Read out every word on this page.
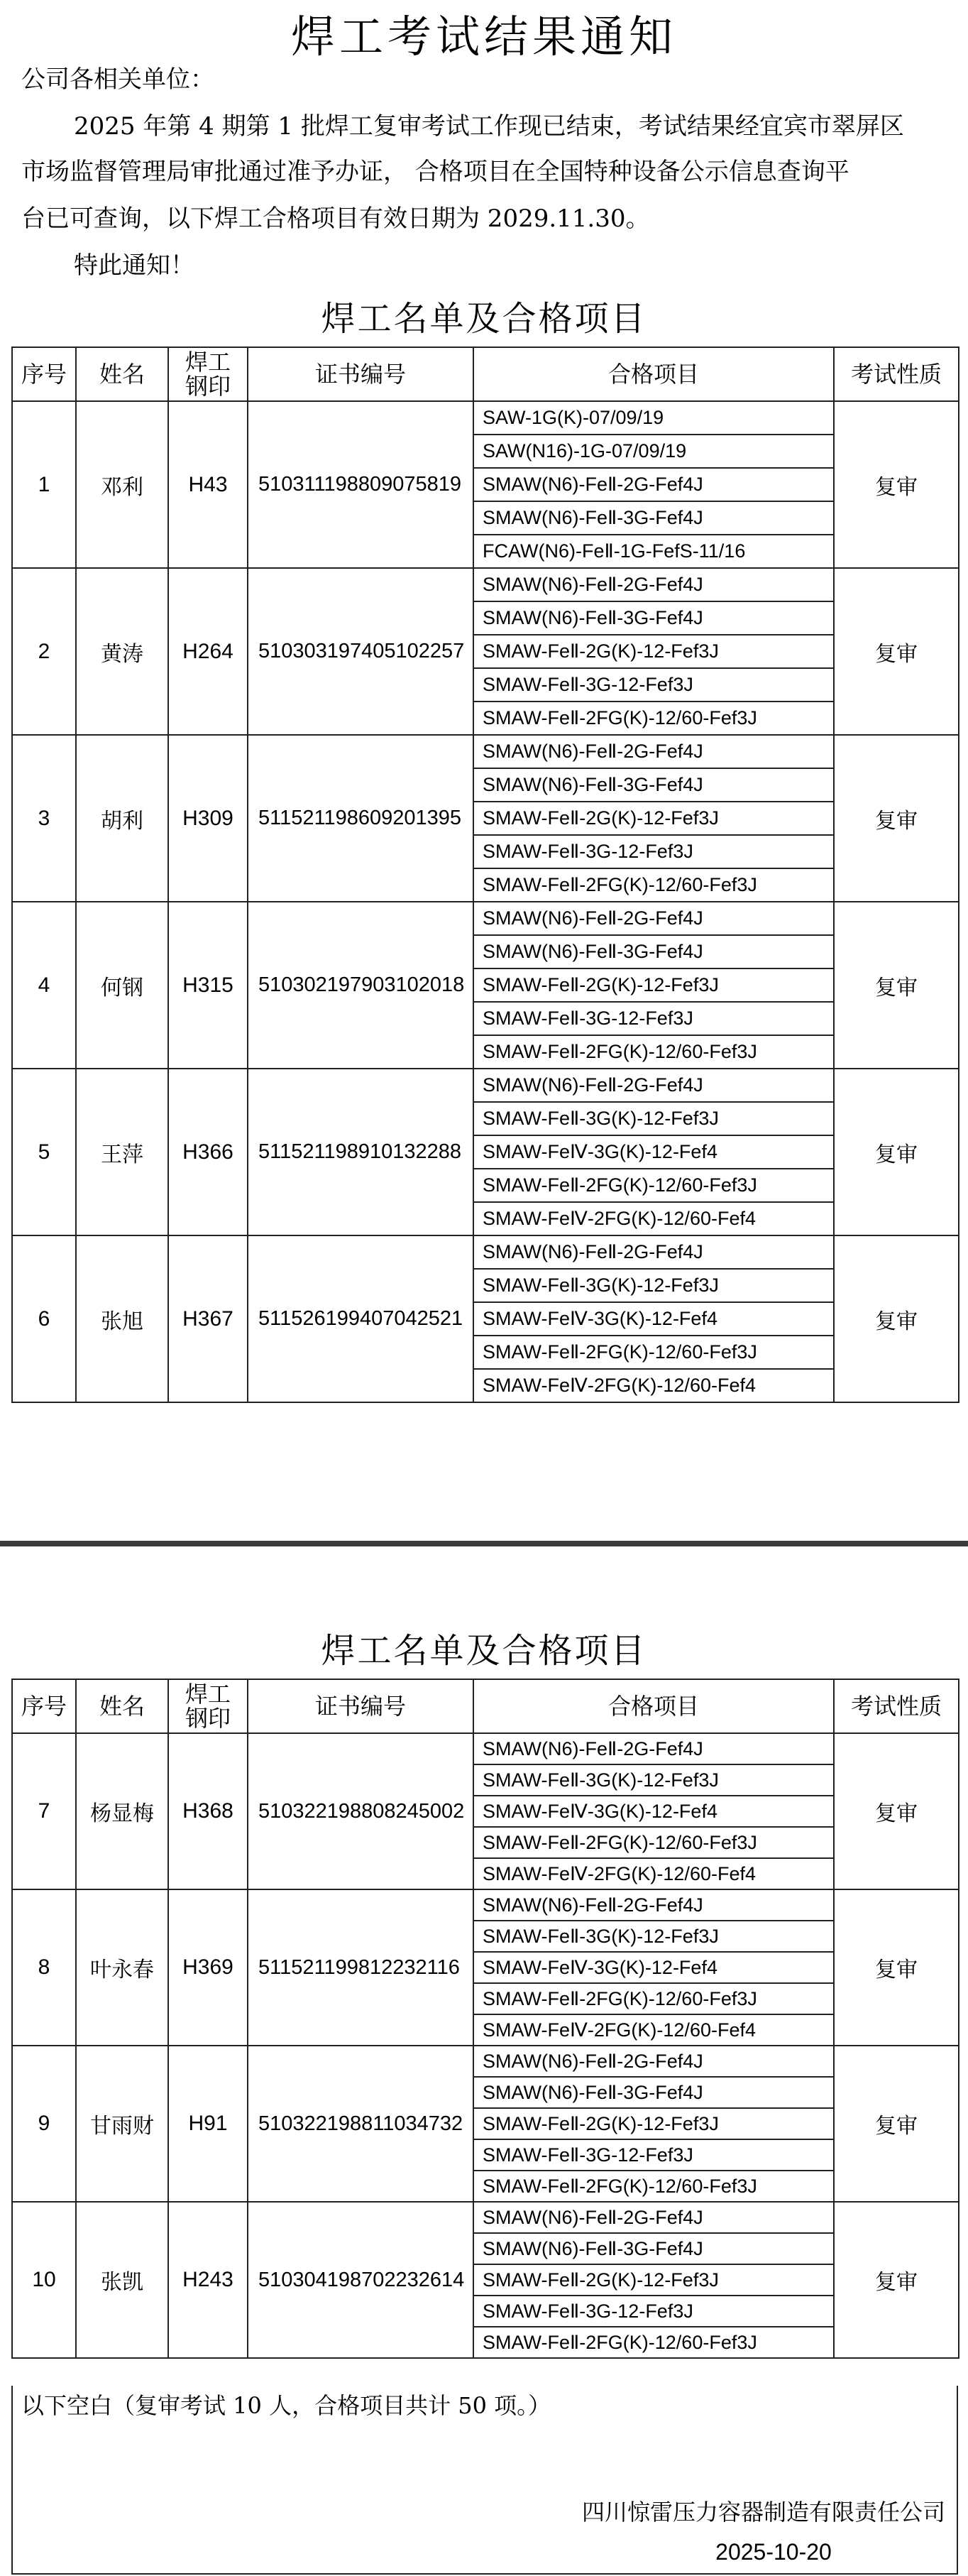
焊工考试结果通知
公司各相关单位：
2025 年第 4 期第 1 批焊工复审考试工作现已结束，考试结果经宜宾市翠屏区
市场监督管理局审批通过准予办证， 合格项目在全国特种设备公示信息查询平
台已可查询，以下焊工合格项目有效日期为 2029.11.30。
特此通知！
焊工名单及合格项目
序号	姓名	焊工
钢印	证书编号	合格项目	考试性质
1	邓利	H43	510311198809075819	SAW-1G(K)-07/09/19	复审
				SAW(N16)-1G-07/09/19	
				SMAW(N6)-FeⅡ-2G-Fef4J	
				SMAW(N6)-FeⅡ-3G-Fef4J	
				FCAW(N6)-FeⅡ-1G-FefS-11/16	
2	黄涛	H264	510303197405102257	SMAW(N6)-FeⅡ-2G-Fef4J	复审
				SMAW(N6)-FeⅡ-3G-Fef4J	
				SMAW-FeⅡ-2G(K)-12-Fef3J	
				SMAW-FeⅡ-3G-12-Fef3J	
				SMAW-FeⅡ-2FG(K)-12/60-Fef3J	
3	胡利	H309	511521198609201395	SMAW(N6)-FeⅡ-2G-Fef4J	复审
				SMAW(N6)-FeⅡ-3G-Fef4J	
				SMAW-FeⅡ-2G(K)-12-Fef3J	
				SMAW-FeⅡ-3G-12-Fef3J	
				SMAW-FeⅡ-2FG(K)-12/60-Fef3J	
4	何钢	H315	510302197903102018	SMAW(N6)-FeⅡ-2G-Fef4J	复审
				SMAW(N6)-FeⅡ-3G-Fef4J	
				SMAW-FeⅡ-2G(K)-12-Fef3J	
				SMAW-FeⅡ-3G-12-Fef3J	
				SMAW-FeⅡ-2FG(K)-12/60-Fef3J	
5	王萍	H366	511521198910132288	SMAW(N6)-FeⅡ-2G-Fef4J	复审
				SMAW-FeⅡ-3G(K)-12-Fef3J	
				SMAW-FeⅣ-3G(K)-12-Fef4	
				SMAW-FeⅡ-2FG(K)-12/60-Fef3J	
				SMAW-FeⅣ-2FG(K)-12/60-Fef4	
6	张旭	H367	511526199407042521	SMAW(N6)-FeⅡ-2G-Fef4J	复审
				SMAW-FeⅡ-3G(K)-12-Fef3J	
				SMAW-FeⅣ-3G(K)-12-Fef4	
				SMAW-FeⅡ-2FG(K)-12/60-Fef3J	
				SMAW-FeⅣ-2FG(K)-12/60-Fef4	
焊工名单及合格项目
序号	姓名	焊工
钢印	证书编号	合格项目	考试性质
7	杨显梅	H368	510322198808245002	SMAW(N6)-FeⅡ-2G-Fef4J	复审
				SMAW-FeⅡ-3G(K)-12-Fef3J	
				SMAW-FeⅣ-3G(K)-12-Fef4	
				SMAW-FeⅡ-2FG(K)-12/60-Fef3J	
				SMAW-FeⅣ-2FG(K)-12/60-Fef4	
8	叶永春	H369	511521199812232116	SMAW(N6)-FeⅡ-2G-Fef4J	复审
				SMAW-FeⅡ-3G(K)-12-Fef3J	
				SMAW-FeⅣ-3G(K)-12-Fef4	
				SMAW-FeⅡ-2FG(K)-12/60-Fef3J	
				SMAW-FeⅣ-2FG(K)-12/60-Fef4	
9	甘雨财	H91	510322198811034732	SMAW(N6)-FeⅡ-2G-Fef4J	复审
				SMAW(N6)-FeⅡ-3G-Fef4J	
				SMAW-FeⅡ-2G(K)-12-Fef3J	
				SMAW-FeⅡ-3G-12-Fef3J	
				SMAW-FeⅡ-2FG(K)-12/60-Fef3J	
10	张凯	H243	510304198702232614	SMAW(N6)-FeⅡ-2G-Fef4J	复审
				SMAW(N6)-FeⅡ-3G-Fef4J	
				SMAW-FeⅡ-2G(K)-12-Fef3J	
				SMAW-FeⅡ-3G-12-Fef3J	
				SMAW-FeⅡ-2FG(K)-12/60-Fef3J	
以下空白（复审考试 10 人，合格项目共计 50 项。）
四川惊雷压力容器制造有限责任公司
2025-10-20
